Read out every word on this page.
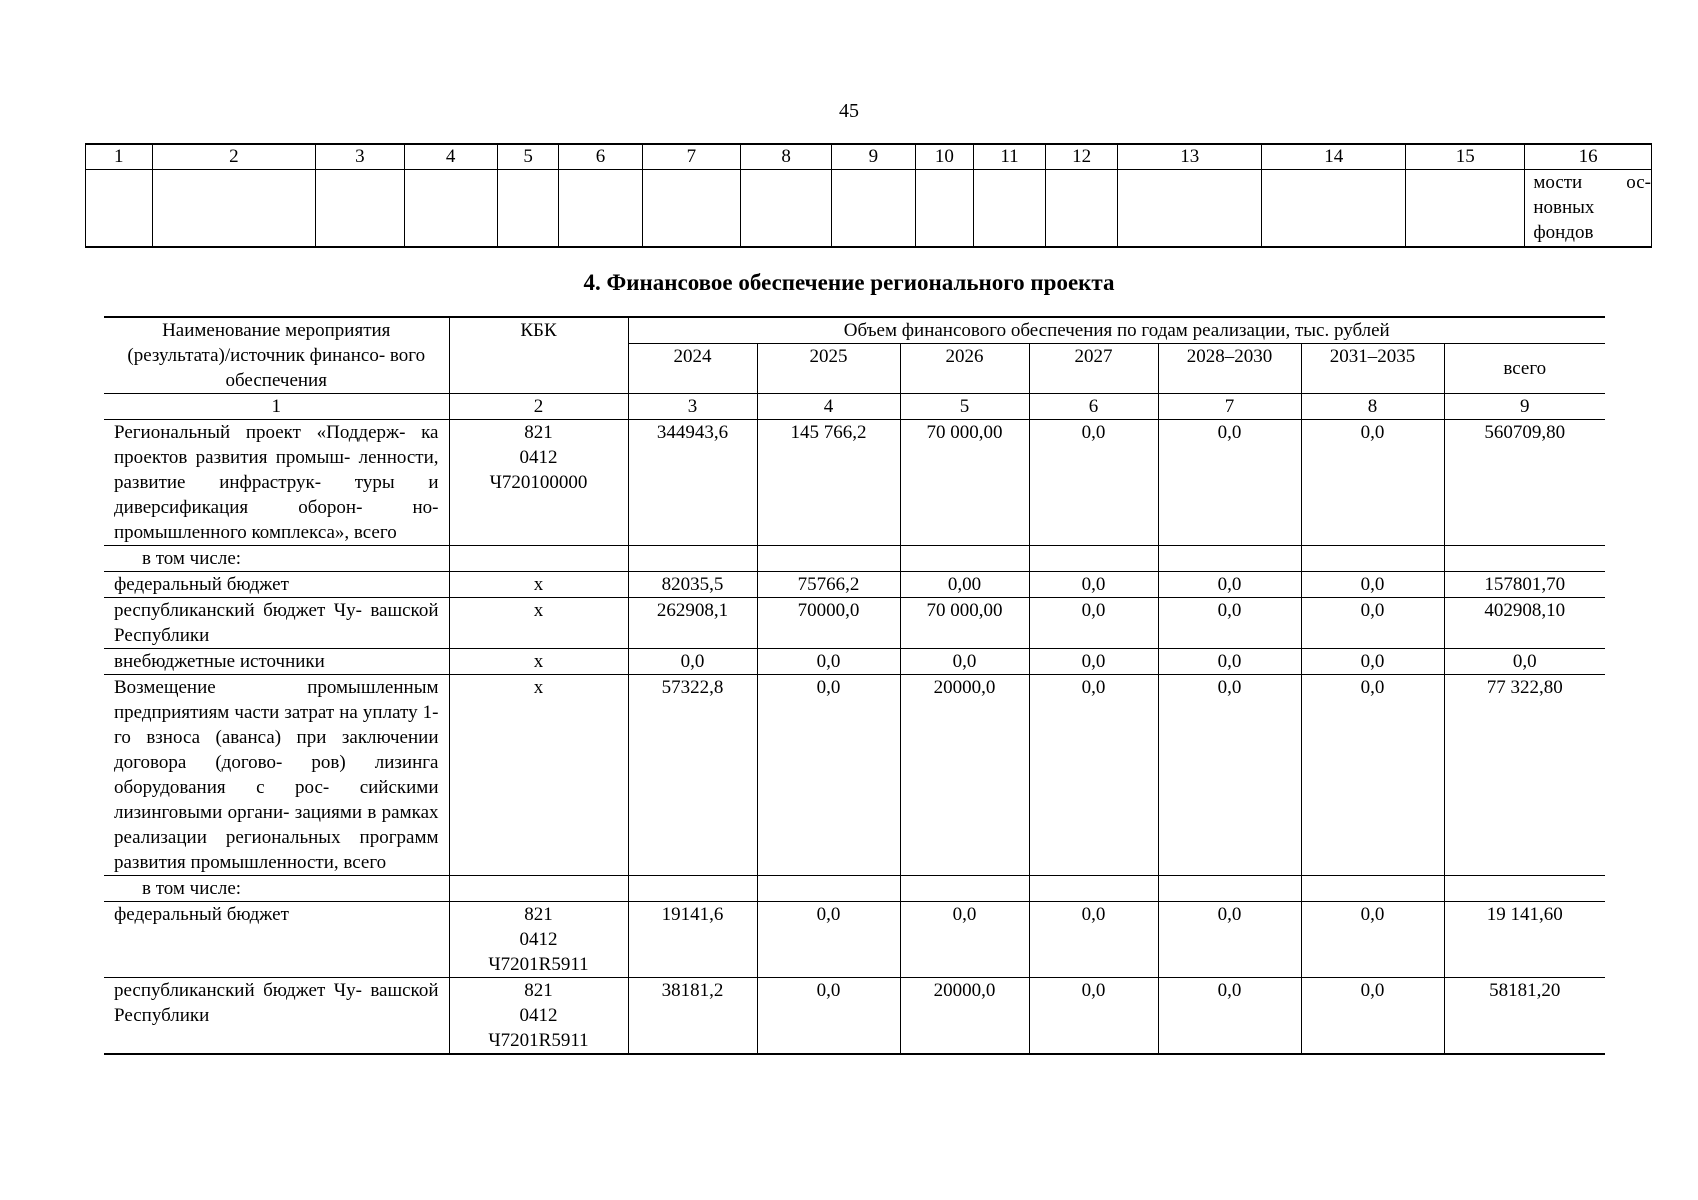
45
1	2	3	4	5	6	7	8	9	10	11	12	13	14	15	16

															мости ос-
новных
фондов
4. Финансовое обеспечение регионального проекта
Наименование мероприятия (результата)/источник финансо- вого обеспечения	КБК	Объем финансового обеспечения по годам реализации, тыс. рублей						
		2024	2025	2026	2027	2028–2030	2031–2035	всего
1	2	3	4	5	6	7	8	9
Региональный проект «Поддерж- ка проектов развития промыш- ленности, развитие инфраструк- туры и диверсификация оборон- но-промышленного комплекса», всего	821
0412
Ч720100000	344943,6	145 766,2	70 000,00	0,0	0,0	0,0	560709,80
в том числе:								
федеральный бюджет	х	82035,5	75766,2	0,00	0,0	0,0	0,0	157801,70
республиканский бюджет Чу- вашской Республики	х	262908,1	70000,0	70 000,00	0,0	0,0	0,0	402908,10
внебюджетные источники	х	0,0	0,0	0,0	0,0	0,0	0,0	0,0
Возмещение промышленным предприятиям части затрат на уплату 1-го взноса (аванса) при заключении договора (догово- ров) лизинга оборудования с рос- сийскими лизинговыми органи- зациями в рамках реализации региональных программ развития промышленности, всего	х	57322,8	0,0	20000,0	0,0	0,0	0,0	77 322,80
в том числе:								
федеральный бюджет	821
0412
Ч7201R5911	19141,6	0,0	0,0	0,0	0,0	0,0	19 141,60
республиканский бюджет Чу- вашской Республики	821
0412
Ч7201R5911	38181,2	0,0	20000,0	0,0	0,0	0,0	58181,20
